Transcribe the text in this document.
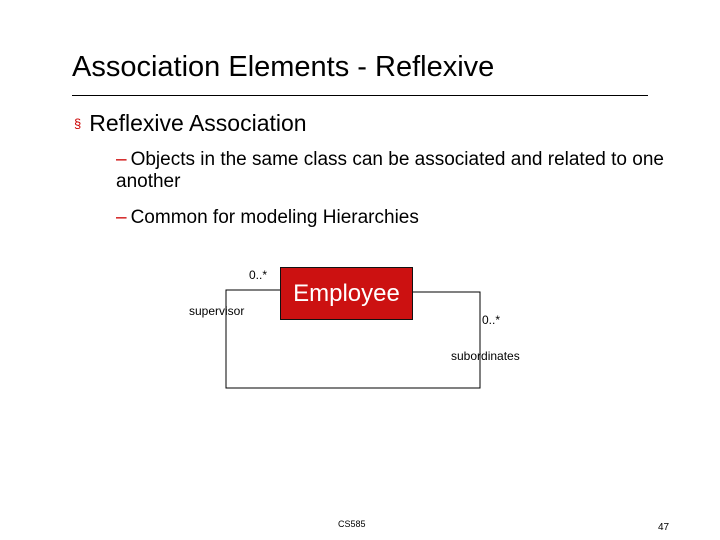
Association Elements - Reflexive
§ Reflexive Association
– Objects in the same class can be associated and related to one another
– Common for modeling Hierarchies
Employee
0..*
supervisor
0..*
subordinates
CS585	47
